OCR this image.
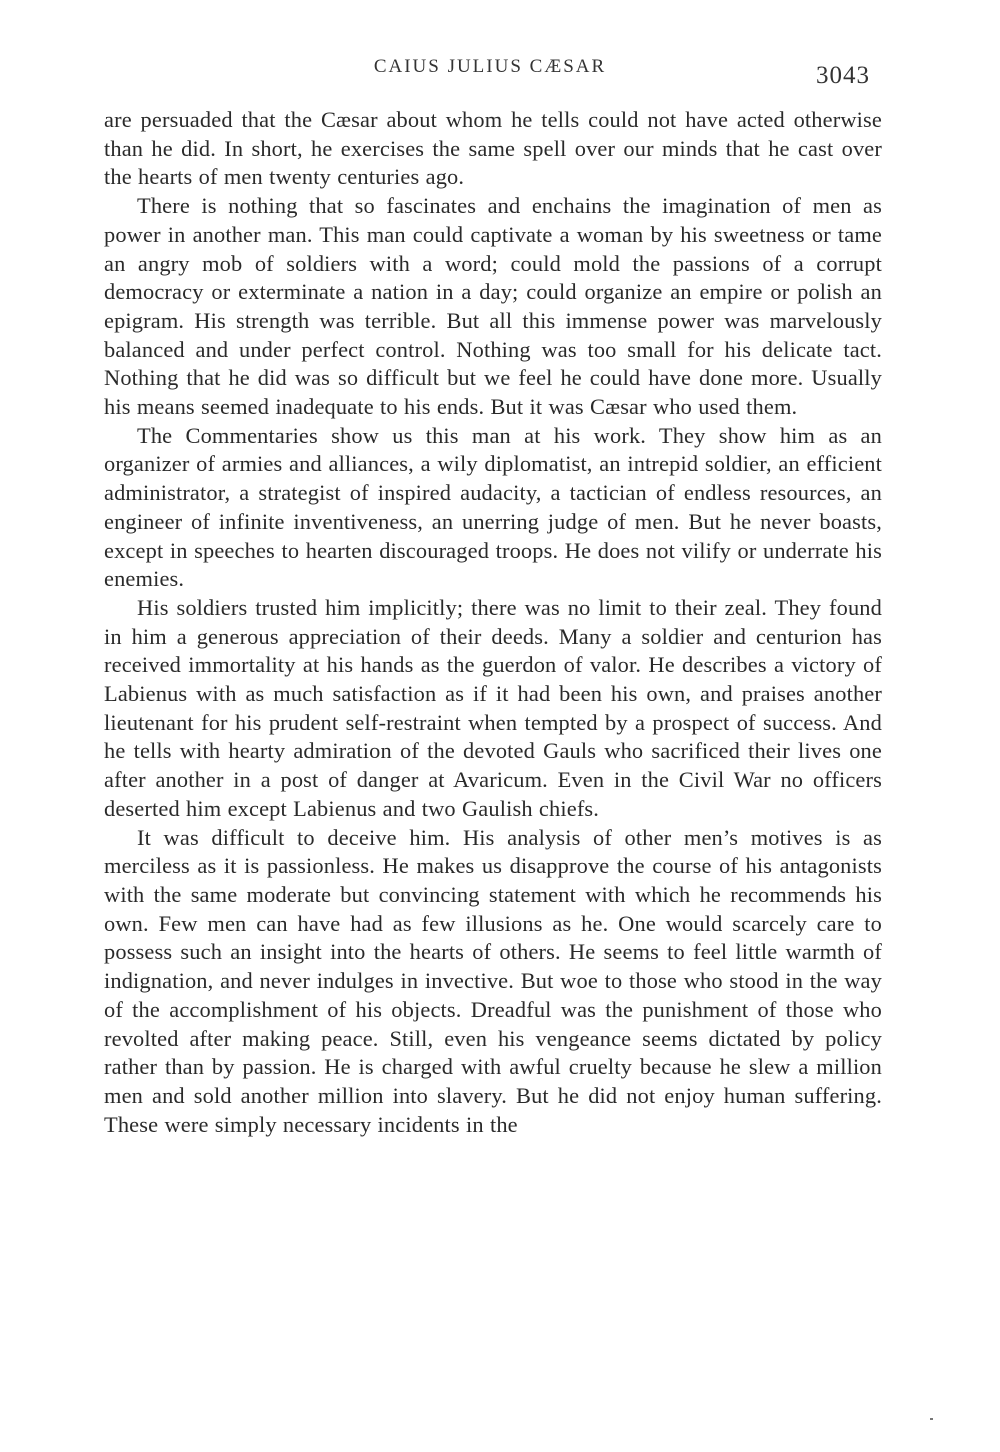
CAIUS JULIUS CÆSAR	3043

are persuaded that the Cæsar about whom he tells could not have acted otherwise than he did. In short, he exercises the same spell over our minds that he cast over the hearts of men twenty centuries ago.

There is nothing that so fascinates and enchains the imagination of men as power in another man. This man could captivate a woman by his sweetness or tame an angry mob of soldiers with a word; could mold the passions of a corrupt democracy or exterminate a nation in a day; could organize an empire or polish an epigram. His strength was terrible. But all this immense power was marvelously balanced and under perfect control. Nothing was too small for his delicate tact. Nothing that he did was so difficult but we feel he could have done more. Usually his means seemed inadequate to his ends. But it was Cæsar who used them.

The Commentaries show us this man at his work. They show him as an organizer of armies and alliances, a wily diplomatist, an intrepid soldier, an efficient administrator, a strategist of inspired audacity, a tactician of endless resources, an engineer of infinite inventiveness, an unerring judge of men. But he never boasts, except in speeches to hearten discouraged troops. He does not vilify or underrate his enemies.

His soldiers trusted him implicitly; there was no limit to their zeal. They found in him a generous appreciation of their deeds. Many a soldier and centurion has received immortality at his hands as the guerdon of valor. He describes a victory of Labienus with as much satisfaction as if it had been his own, and praises another lieutenant for his prudent self-restraint when tempted by a prospect of success. And he tells with hearty admiration of the devoted Gauls who sacrificed their lives one after another in a post of danger at Avaricum. Even in the Civil War no officers deserted him except Labienus and two Gaulish chiefs.

It was difficult to deceive him. His analysis of other men’s motives is as merciless as it is passionless. He makes us disapprove the course of his antagonists with the same moderate but convincing statement with which he recommends his own. Few men can have had as few illusions as he. One would scarcely care to possess such an insight into the hearts of others. He seems to feel little warmth of indignation, and never indulges in invective. But woe to those who stood in the way of the accomplishment of his objects. Dreadful was the punishment of those who revolted after making peace. Still, even his vengeance seems dictated by policy rather than by passion. He is charged with awful cruelty because he slew a million men and sold another million into slavery. But he did not enjoy human suffering. These were simply necessary incidents in the
